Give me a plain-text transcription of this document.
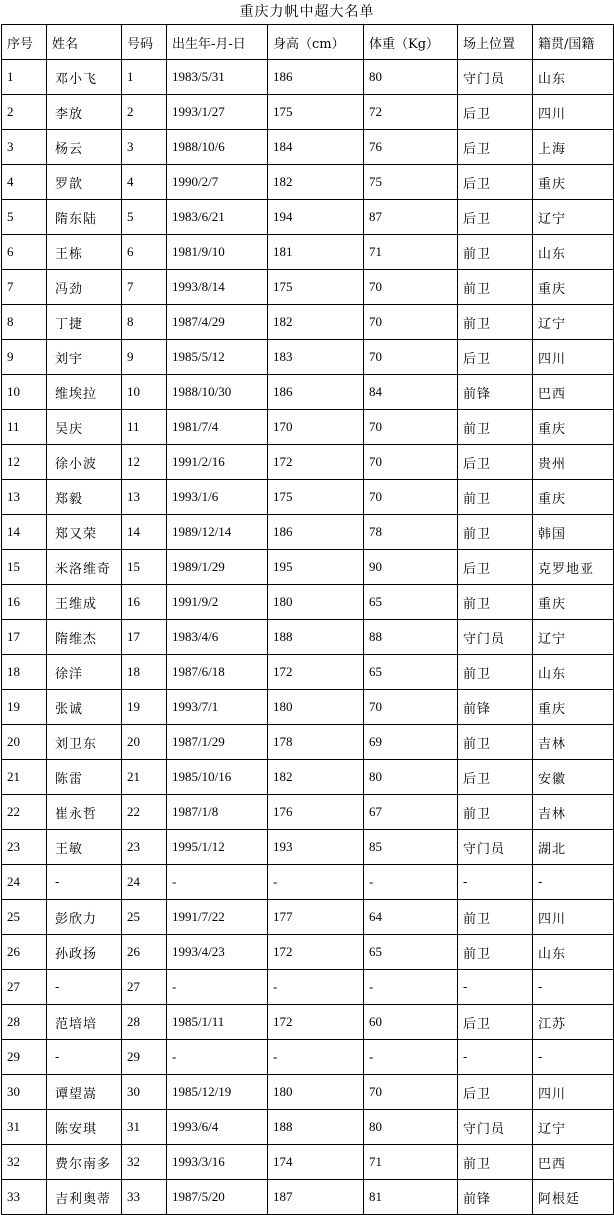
重庆力帆中超大名单
序号	姓名	号码	出生年-月-日	身高（cm）	体重（Kg）	场上位置	籍贯/国籍
1	邓小飞	1	1983/5/31	186	80	守门员	山东
2	李放	2	1993/1/27	175	72	后卫	四川
3	杨云	3	1988/10/6	184	76	后卫	上海
4	罗歆	4	1990/2/7	182	75	后卫	重庆
5	隋东陆	5	1983/6/21	194	87	后卫	辽宁
6	王栋	6	1981/9/10	181	71	前卫	山东
7	冯劲	7	1993/8/14	175	70	前卫	重庆
8	丁捷	8	1987/4/29	182	70	前卫	辽宁
9	刘宇	9	1985/5/12	183	70	后卫	四川
10	维埃拉	10	1988/10/30	186	84	前锋	巴西
11	吴庆	11	1981/7/4	170	70	前卫	重庆
12	徐小波	12	1991/2/16	172	70	后卫	贵州
13	郑毅	13	1993/1/6	175	70	前卫	重庆
14	郑又荣	14	1989/12/14	186	78	前卫	韩国
15	米洛维奇	15	1989/1/29	195	90	后卫	克罗地亚
16	王维成	16	1991/9/2	180	65	前卫	重庆
17	隋维杰	17	1983/4/6	188	88	守门员	辽宁
18	徐洋	18	1987/6/18	172	65	前卫	山东
19	张诚	19	1993/7/1	180	70	前锋	重庆
20	刘卫东	20	1987/1/29	178	69	前卫	吉林
21	陈雷	21	1985/10/16	182	80	后卫	安徽
22	崔永哲	22	1987/1/8	176	67	前卫	吉林
23	王敏	23	1995/1/12	193	85	守门员	湖北
24	-	24	-	-	-	-	-
25	彭欣力	25	1991/7/22	177	64	前卫	四川
26	孙政扬	26	1993/4/23	172	65	前卫	山东
27	-	27	-	-	-	-	-
28	范培培	28	1985/1/11	172	60	后卫	江苏
29	-	29	-	-	-	-	-
30	谭望嵩	30	1985/12/19	180	70	后卫	四川
31	陈安琪	31	1993/6/4	188	80	守门员	辽宁
32	费尔南多	32	1993/3/16	174	71	前卫	巴西
33	吉利奥蒂	33	1987/5/20	187	81	前锋	阿根廷
